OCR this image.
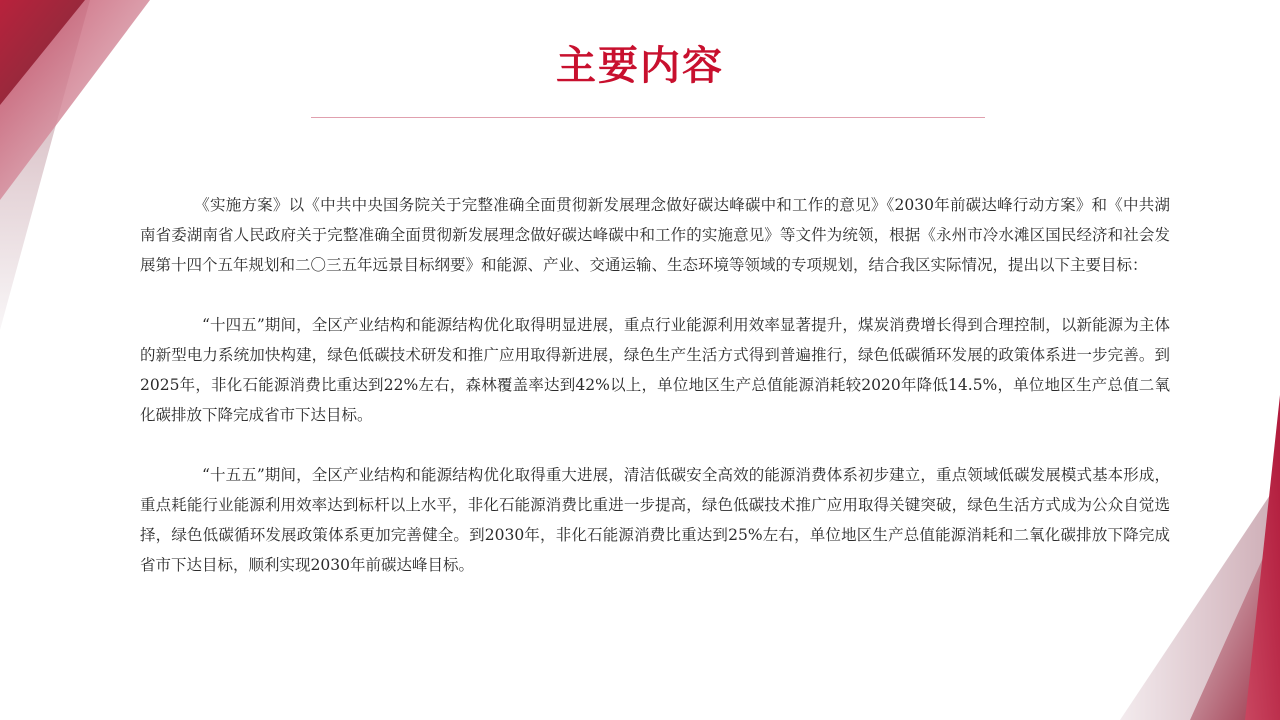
主要内容

《实施方案》以《中共中央国务院关于完整准确全面贯彻新发展理念做好碳达峰碳中和工作的意见》《2030年前碳达峰行动方案》和《中共湖南省委湖南省人民政府关于完整准确全面贯彻新发展理念做好碳达峰碳中和工作的实施意见》等文件为统领，根据《永州市冷水滩区国民经济和社会发展第十四个五年规划和二〇三五年远景目标纲要》和能源、产业、交通运输、生态环境等领域的专项规划，结合我区实际情况，提出以下主要目标：

“十四五”期间，全区产业结构和能源结构优化取得明显进展，重点行业能源利用效率显著提升，煤炭消费增长得到合理控制，以新能源为主体的新型电力系统加快构建，绿色低碳技术研发和推广应用取得新进展，绿色生产生活方式得到普遍推行，绿色低碳循环发展的政策体系进一步完善。到2025年，非化石能源消费比重达到22%左右，森林覆盖率达到42%以上，单位地区生产总值能源消耗较2020年降低14.5%，单位地区生产总值二氧化碳排放下降完成省市下达目标。

“十五五”期间，全区产业结构和能源结构优化取得重大进展，清洁低碳安全高效的能源消费体系初步建立，重点领域低碳发展模式基本形成，重点耗能行业能源利用效率达到标杆以上水平，非化石能源消费比重进一步提高，绿色低碳技术推广应用取得关键突破，绿色生活方式成为公众自觉选择，绿色低碳循环发展政策体系更加完善健全。到2030年，非化石能源消费比重达到25%左右，单位地区生产总值能源消耗和二氧化碳排放下降完成省市下达目标，顺利实现2030年前碳达峰目标。
